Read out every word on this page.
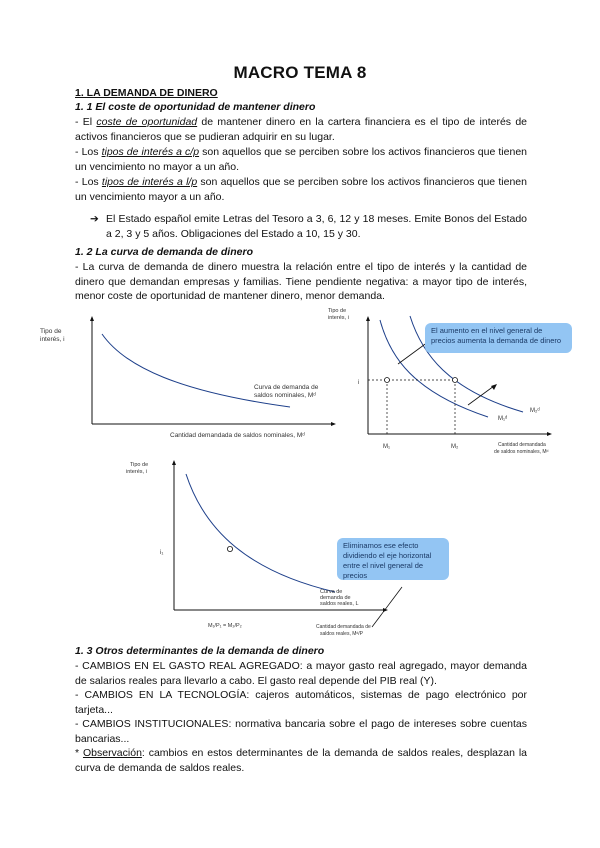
MACRO TEMA 8
1. LA DEMANDA DE DINERO
1. 1 El coste de oportunidad de mantener dinero
- El coste de oportunidad de mantener dinero en la cartera financiera es el tipo de interés de activos financieros que se pudieran adquirir en su lugar.
- Los tipos de interés a c/p son aquellos que se perciben sobre los activos financieros que tienen un vencimiento no mayor a un año.
- Los tipos de interés a l/p son aquellos que se perciben sobre los activos financieros que tienen un vencimiento mayor a un año.
➔ El Estado español emite Letras del Tesoro a 3, 6, 12 y 18 meses. Emite Bonos del Estado a 2, 3 y 5 años. Obligaciones del Estado a 10, 15 y 30.
1. 2 La curva de demanda de dinero
- La curva de demanda de dinero muestra la relación entre el tipo de interés y la cantidad de dinero que demandan empresas y familias. Tiene pendiente negativa: a mayor tipo de interés, menor coste de oportunidad de mantener dinero, menor demanda.
Tipo de
interés, i
Curva de demanda de
saldos nominales, Mᵈ
Cantidad demandada de saldos nominales, Mᵈ
Tipo de
interés, i
i
M₁ᵈ
M₂ᵈ
M₁	M₂	Cantidad demandada
de saldos nominales, Mᵈ
El aumento en el nivel general de precios aumenta la demanda de dinero
Tipo de
interés, i
i₁
Curva de
demanda de
saldos reales, L
M₁/P₁ = M₂/P₂	Cantidad demandada de
saldos reales, Mᵈ/P
Eliminamos ese efecto dividiendo el eje horizontal entre el nivel general de precios
1. 3 Otros determinantes de la demanda de dinero
- CAMBIOS EN EL GASTO REAL AGREGADO: a mayor gasto real agregado, mayor demanda de salarios reales para llevarlo a cabo. El gasto real depende del PIB real (Y).
- CAMBIOS EN LA TECNOLOGÍA: cajeros automáticos, sistemas de pago electrónico por tarjeta...
- CAMBIOS INSTITUCIONALES: normativa bancaria sobre el pago de intereses sobre cuentas bancarias...
* Observación: cambios en estos determinantes de la demanda de saldos reales, desplazan la curva de demanda de saldos reales.
